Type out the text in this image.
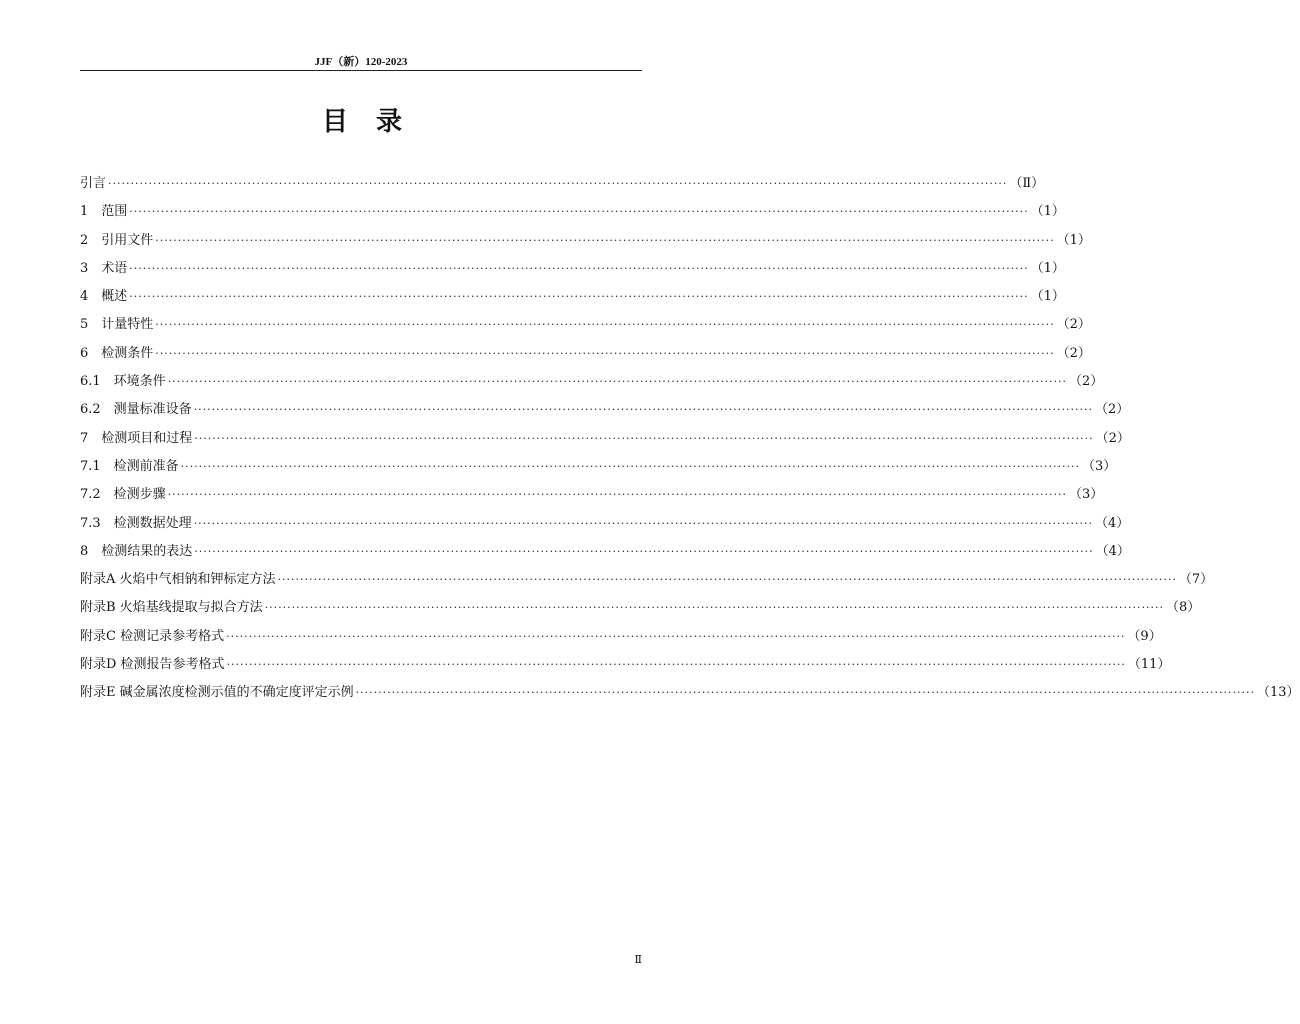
JJF（新）120-2023
目录
引言 ········································································································································································································ （Ⅱ）
1　范围 ········································································································································································································ （1）
2　引用文件 ········································································································································································································ （1）
3　术语 ········································································································································································································ （1）
4　概述 ········································································································································································································ （1）
5　计量特性 ········································································································································································································ （2）
6　检测条件 ········································································································································································································ （2）
6.1　环境条件 ········································································································································································································ （2）
6.2　测量标准设备 ········································································································································································································ （2）
7　检测项目和过程 ········································································································································································································ （2）
7.1　检测前准备 ········································································································································································································ （3）
7.2　检测步骤 ········································································································································································································ （3）
7.3　检测数据处理 ········································································································································································································ （4）
8　检测结果的表达 ········································································································································································································ （4）
附录A 火焰中气相钠和钾标定方法 ········································································································································································································ （7）
附录B 火焰基线提取与拟合方法 ········································································································································································································ （8）
附录C 检测记录参考格式 ········································································································································································································ （9）
附录D 检测报告参考格式 ········································································································································································································ （11）
附录E 碱金属浓度检测示值的不确定度评定示例 ········································································································································································································ （13）
Ⅱ
